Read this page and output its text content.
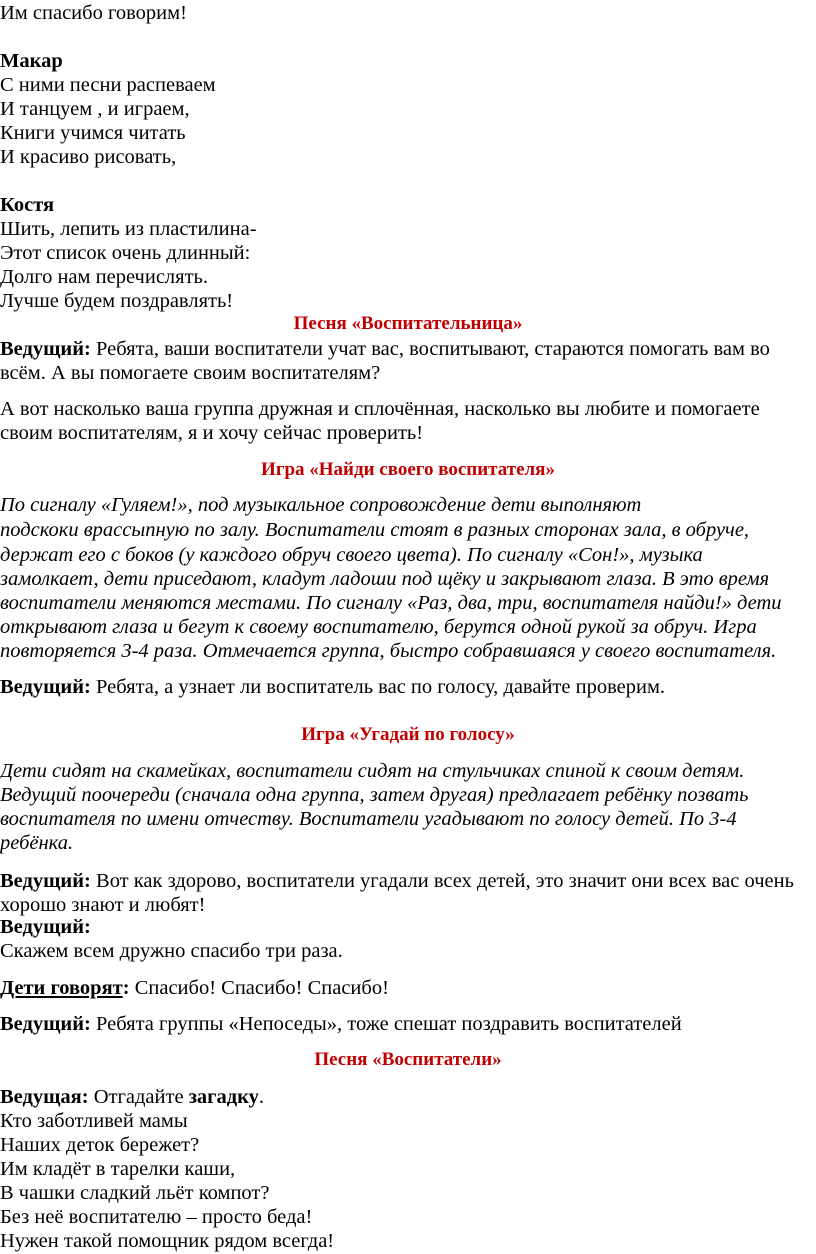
Им спасибо говорим!
Макар
С ними песни распеваем
И танцуем , и играем,
Книги учимся читать
И красиво рисовать,
Костя
Шить, лепить из пластилина-
Этот список очень длинный:
Долго нам перечислять.
Лучше будем поздравлять!
Песня «Воспитательница»
Ведущий: Ребята, ваши воспитатели учат вас, воспитывают, стараются помогать вам во
всём. А вы помогаете своим воспитателям?
А вот насколько ваша группа дружная и сплочённая, насколько вы любите и помогаете
своим воспитателям, я и хочу сейчас проверить!
Игра «Найди своего воспитателя»
По сигналу «Гуляем!», под музыкальное сопровождение дети выполняют
подскоки врассыпную по залу. Воспитатели стоят в разных сторонах зала, в обруче,
держат его с боков (у каждого обруч своего цвета). По сигналу «Сон!», музыка
замолкает, дети приседают, кладут ладоши под щёку и закрывают глаза. В это время
воспитатели меняются местами. По сигналу «Раз, два, три, воспитателя найди!» дети
открывают глаза и бегут к своему воспитателю, берутся одной рукой за обруч. Игра
повторяется 3-4 раза. Отмечается группа, быстро собравшаяся у своего воспитателя.
Ведущий: Ребята, а узнает ли воспитатель вас по голосу, давайте проверим.
Игра «Угадай по голосу»
Дети сидят на скамейках, воспитатели сидят на стульчиках спиной к своим детям.
Ведущий поочереди (сначала одна группа, затем другая) предлагает ребёнку позвать
воспитателя по имени отчеству. Воспитатели угадывают по голосу детей. По 3-4
ребёнка.
Ведущий: Вот как здорово, воспитатели угадали всех детей, это значит они всех вас очень
хорошо знают и любят!
Ведущий:
Скажем всем дружно спасибо три раза.
Дети говорят: Спасибо! Спасибо! Спасибо!
Ведущий: Ребята группы «Непоседы», тоже спешат поздравить воспитателей
Песня «Воспитатели»
Ведущая: Отгадайте загадку.
Кто заботливей мамы
Наших деток бережет?
Им кладёт в тарелки каши,
В чашки сладкий льёт компот?
Без неё воспитателю – просто беда!
Нужен такой помощник рядом всегда!
